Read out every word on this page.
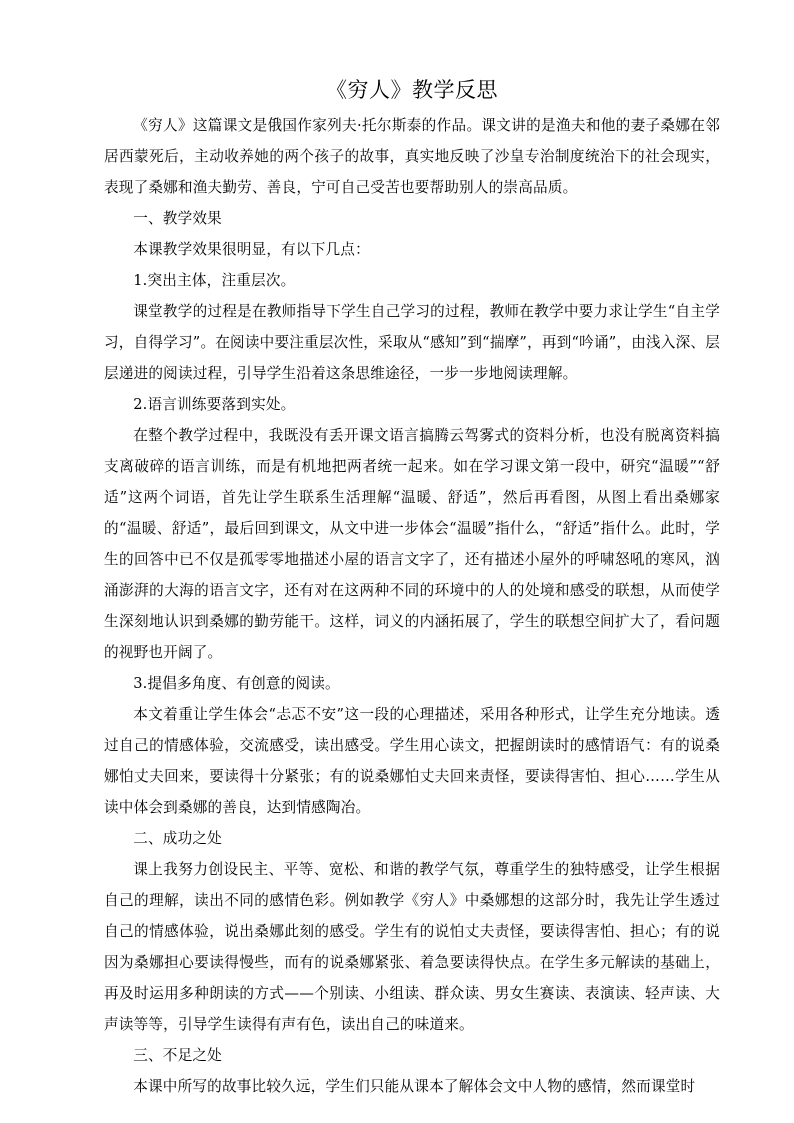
《穷人》教学反思

《穷人》这篇课文是俄国作家列夫·托尔斯泰的作品。课文讲的是渔夫和他的妻子桑娜在邻居西蒙死后，主动收养她的两个孩子的故事，真实地反映了沙皇专治制度统治下的社会现实，表现了桑娜和渔夫勤劳、善良，宁可自己受苦也要帮助别人的崇高品质。

一、教学效果

本课教学效果很明显，有以下几点：

1.突出主体，注重层次。

课堂教学的过程是在教师指导下学生自己学习的过程，教师在教学中要力求让学生“自主学习，自得学习”。在阅读中要注重层次性，采取从“感知”到“揣摩”，再到“吟诵”，由浅入深、层层递进的阅读过程，引导学生沿着这条思维途径，一步一步地阅读理解。

2.语言训练要落到实处。

在整个教学过程中，我既没有丢开课文语言搞腾云驾雾式的资料分析，也没有脱离资料搞支离破碎的语言训练，而是有机地把两者统一起来。如在学习课文第一段中，研究“温暖”“舒适”这两个词语，首先让学生联系生活理解“温暖、舒适”，然后再看图，从图上看出桑娜家的“温暖、舒适”，最后回到课文，从文中进一步体会“温暖”指什么，“舒适”指什么。此时，学生的回答中已不仅是孤零零地描述小屋的语言文字了，还有描述小屋外的呼啸怒吼的寒风，汹涌澎湃的大海的语言文字，还有对在这两种不同的环境中的人的处境和感受的联想，从而使学生深刻地认识到桑娜的勤劳能干。这样，词义的内涵拓展了，学生的联想空间扩大了，看问题的视野也开阔了。

3.提倡多角度、有创意的阅读。

本文着重让学生体会“忐忑不安”这一段的心理描述，采用各种形式，让学生充分地读。透过自己的情感体验，交流感受，读出感受。学生用心读文，把握朗读时的感情语气：有的说桑娜怕丈夫回来，要读得十分紧张；有的说桑娜怕丈夫回来责怪，要读得害怕、担心……学生从读中体会到桑娜的善良，达到情感陶冶。

二、成功之处

课上我努力创设民主、平等、宽松、和谐的教学气氛，尊重学生的独特感受，让学生根据自己的理解，读出不同的感情色彩。例如教学《穷人》中桑娜想的这部分时，我先让学生透过自己的情感体验，说出桑娜此刻的感受。学生有的说怕丈夫责怪，要读得害怕、担心；有的说因为桑娜担心要读得慢些，而有的说桑娜紧张、着急要读得快点。在学生多元解读的基础上，再及时运用多种朗读的方式——个别读、小组读、群众读、男女生赛读、表演读、轻声读、大声读等等，引导学生读得有声有色，读出自己的味道来。

三、不足之处

本课中所写的故事比较久远，学生们只能从课本了解体会文中人物的感情，然而课堂时
